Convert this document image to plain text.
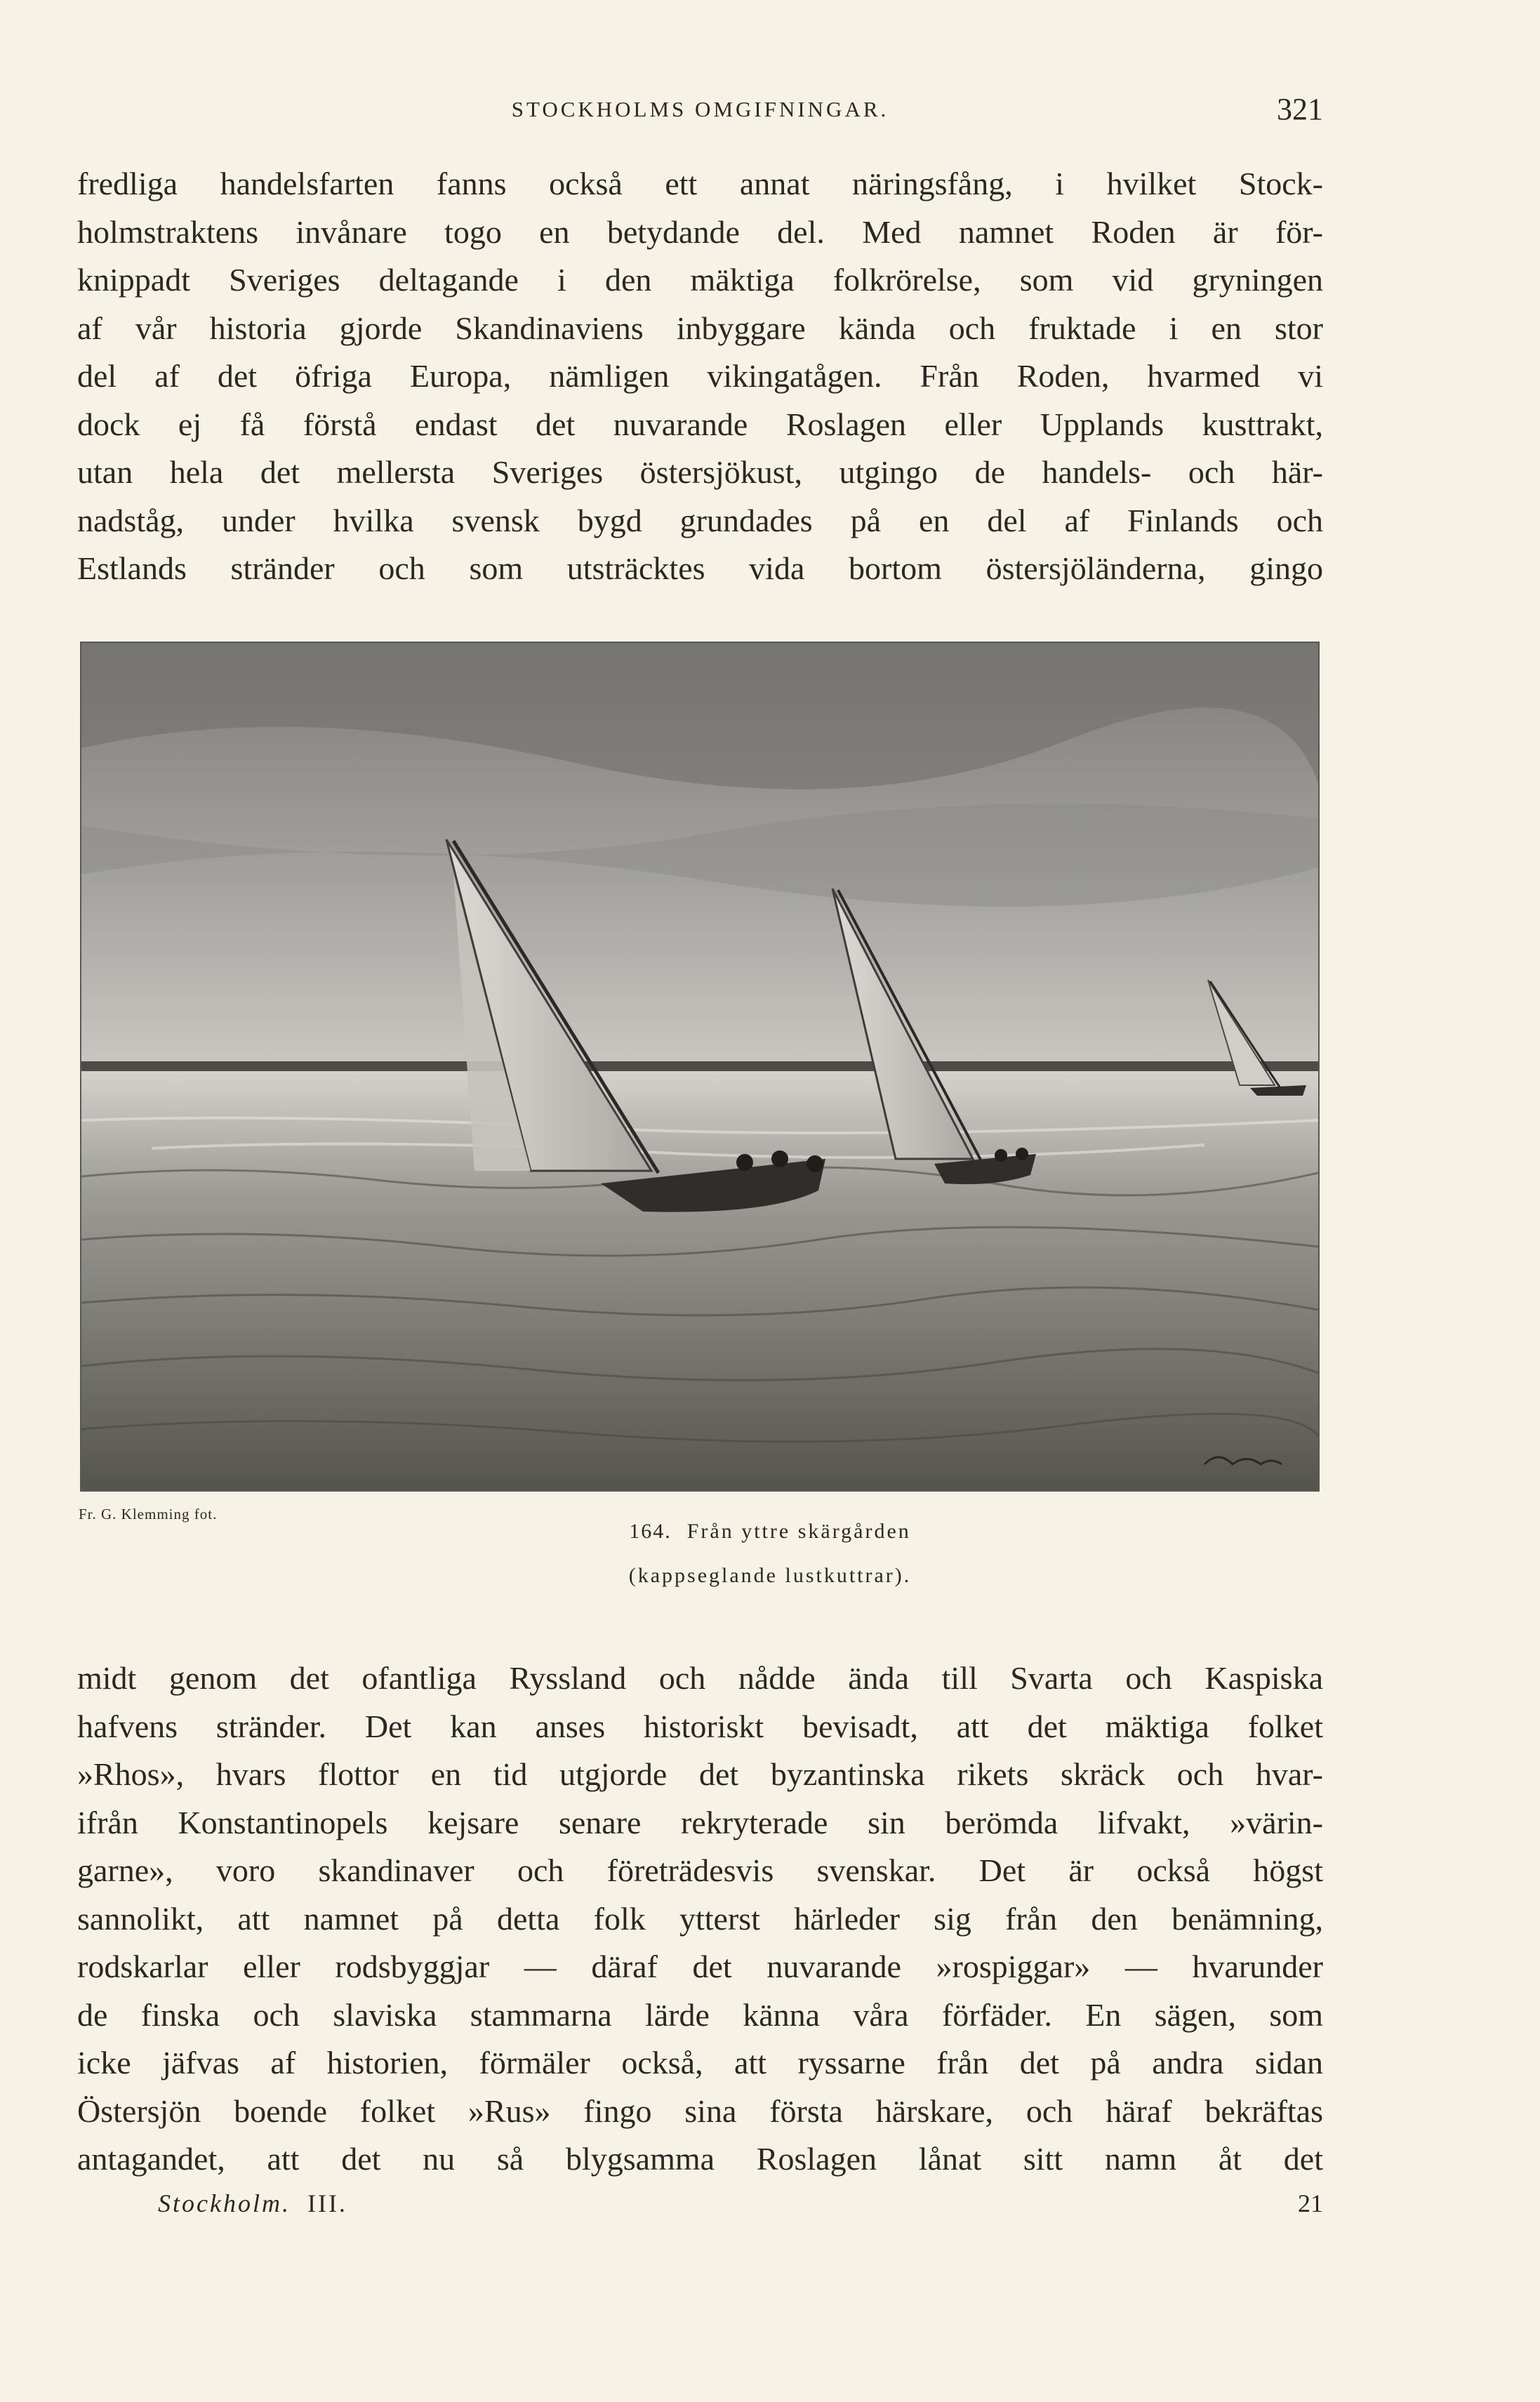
STOCKHOLMS OMGIFNINGAR.	321
fredliga handelsfarten fanns också ett annat näringsfång, i hvilket Stock-
holmstraktens invånare togo en betydande del. Med namnet Roden är för-
knippadt Sveriges deltagande i den mäktiga folkrörelse, som vid gryningen
af vår historia gjorde Skandinaviens inbyggare kända och fruktade i en stor
del af det öfriga Europa, nämligen vikingatågen. Från Roden, hvarmed vi
dock ej få förstå endast det nuvarande Roslagen eller Upplands kusttrakt,
utan hela det mellersta Sveriges östersjökust, utgingo de handels- och här-
nadståg, under hvilka svensk bygd grundades på en del af Finlands och
Estlands stränder och som utsträcktes vida bortom östersjöländerna, gingo
Fr. G. Klemming fot.
164. Från yttre skärgården
(kappseglande lustkuttrar).
midt genom det ofantliga Ryssland och nådde ända till Svarta och Kaspiska
hafvens stränder. Det kan anses historiskt bevisadt, att det mäktiga folket
»Rhos», hvars flottor en tid utgjorde det byzantinska rikets skräck och hvar-
ifrån Konstantinopels kejsare senare rekryterade sin berömda lifvakt, »värin-
garne», voro skandinaver och företrädesvis svenskar. Det är också högst
sannolikt, att namnet på detta folk ytterst härleder sig från den benämning,
rodskarlar eller rodsbyggjar — däraf det nuvarande »rospiggar» — hvarunder
de finska och slaviska stammarna lärde känna våra förfäder. En sägen, som
icke jäfvas af historien, förmäler också, att ryssarne från det på andra sidan
Östersjön boende folket »Rus» fingo sina första härskare, och häraf bekräftas
antagandet, att det nu så blygsamma Roslagen lånat sitt namn åt det
Stockholm. III.	21
